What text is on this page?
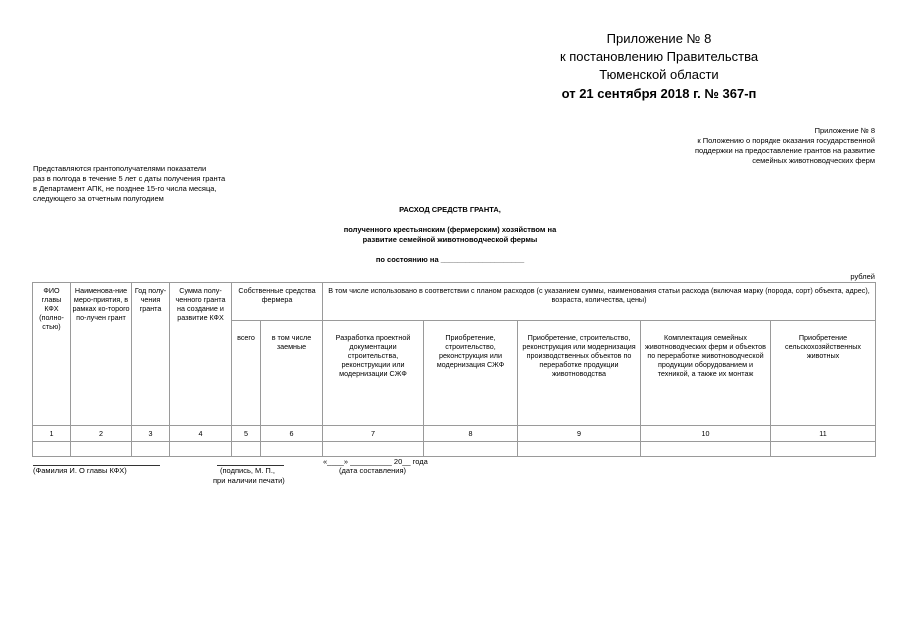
Приложение № 8
к постановлению Правительства
Тюменской области
от 21 сентября 2018 г. № 367-п
Приложение № 8
к Положению о порядке оказания государственной
поддержки на предоставление грантов на развитие
семейных животноводческих ферм
Представляются грантополучателями показатели
раз в полгода в течение 5 лет с даты получения гранта
в Департамент АПК, не позднее 15-го числа месяца,
следующего за отчетным полугодием
РАСХОД СРЕДСТВ ГРАНТА,
полученного крестьянским (фермерским) хозяйством на
развитие семейной животноводческой фермы
по состоянию на ____________________
рублей
ФИО главы КФХ (полно-стью)	Наименова-ние меро-приятия, в рамках ко-торого по-лучен грант	Год полу-чения гранта	Сумма полу-ченного гранта на создание и развитие КФХ	Собственные средства фермера		В том числе использовано в соответствии с планом расходов (с указанием суммы, наименования статьи расхода (включая марку (порода, сорт) объекта, адрес), возраста, количества, цены)				
				всего	в том числе заемные	Разработка проектной документации строительства, реконструкции или модернизации СЖФ	Приобретение, строительство, реконструкция или модернизация СЖФ	Приобретение, строительство, реконструкция или модернизация производственных объектов по переработке продукции животноводства	Комплектация семейных животноводческих ферм и объектов по переработке животноводческой продукции оборудованием и техникой, а также их монтаж	Приобретение сельскохозяйственных животных
1	2	3	4	5	6	7	8	9	10	11

(Фамилия И. О главы КФХ)	(подпись, М. П.,
при наличии печати)
«____» __________ 20__ года
(дата составления)
